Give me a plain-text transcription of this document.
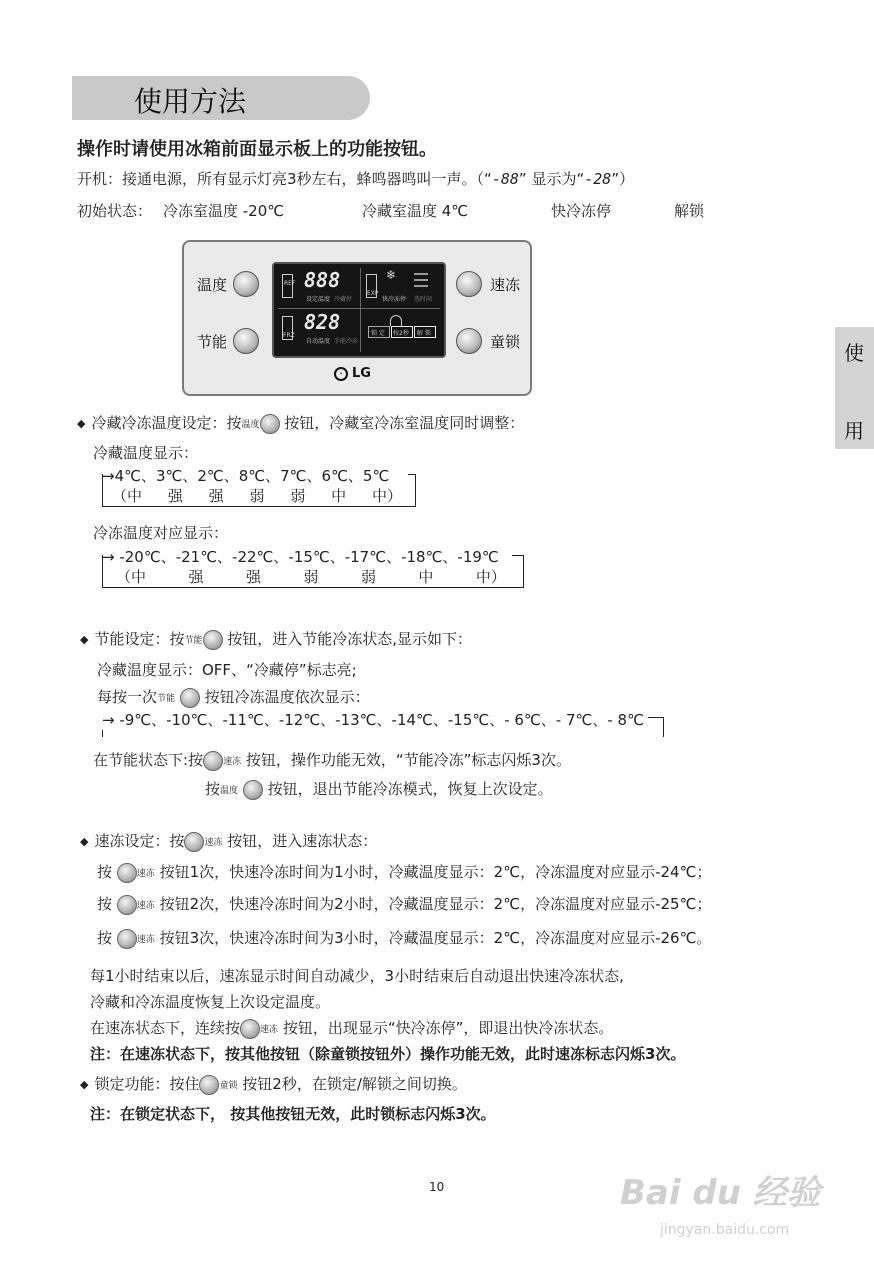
使用方法
使
用
操作时请使用冰箱前面显示板上的功能按钮。
开机：接通电源，所有显示灯亮3秒左右，蜂鸣器鸣叫一声。（“-88” 显示为“-28”）
初始状态： 冷冻室温度 -20℃	冷藏室温度 4℃	快冷冻停	解锁
温度
节能
速冻
童锁
REF 888
设定温度 冷藏停
EXP
❄
快冷冻停 选时间
FRZ
828
自动温度 手能冷冻
锁 定 按2秒 解 锁
· LG
◆ 冷藏冷冻温度设定：按温度 按钮，冷藏室冷冻室温度同时调整：
冷藏温度显示：
→4℃、3℃、2℃、8℃、7℃、6℃、5℃
（中 强 强 弱 弱 中 中）
冷冻温度对应显示：
→ -20℃、-21℃、-22℃、-15℃、-17℃、-18℃、-19℃
（中	强	强	弱	弱	中	中）
◆ 节能设定：按节能 按钮，进入节能冷冻状态,显示如下：
冷藏温度显示：OFF、“冷藏停”标志亮;
每按一次节能 按钮冷冻温度依次显示：
→ -9℃、-10℃、-11℃、-12℃、-13℃、-14℃、-15℃、- 6℃、- 7℃、- 8℃
在节能状态下:按 速冻 按钮，操作功能无效，“节能冷冻”标志闪烁3次。
按温度 按钮，退出节能冷冻模式，恢复上次设定。
◆ 速冻设定：按 速冻 按钮，进入速冻状态：
按	速冻 按钮1次，快速冷冻时间为1小时，冷藏温度显示：2℃，冷冻温度对应显示-24℃；
按	速冻 按钮2次，快速冷冻时间为2小时，冷藏温度显示：2℃，冷冻温度对应显示-25℃；
按	速冻 按钮3次，快速冷冻时间为3小时，冷藏温度显示：2℃，冷冻温度对应显示-26℃。
每1小时结束以后，速冻显示时间自动减少，3小时结束后自动退出快速冷冻状态,
冷藏和冷冻温度恢复上次设定温度。
在速冻状态下，连续按 速冻 按钮，出现显示“快冷冻停”，即退出快冷冻状态。
注：在速冻状态下，按其他按钮（除童锁按钮外）操作功能无效，此时速冻标志闪烁3次。
◆ 锁定功能：按住 童锁 按钮2秒，在锁定/解锁之间切换。
注：在锁定状态下， 按其他按钮无效，此时锁标志闪烁3次。
10	Bai du 经验
jingyan.baidu.com
